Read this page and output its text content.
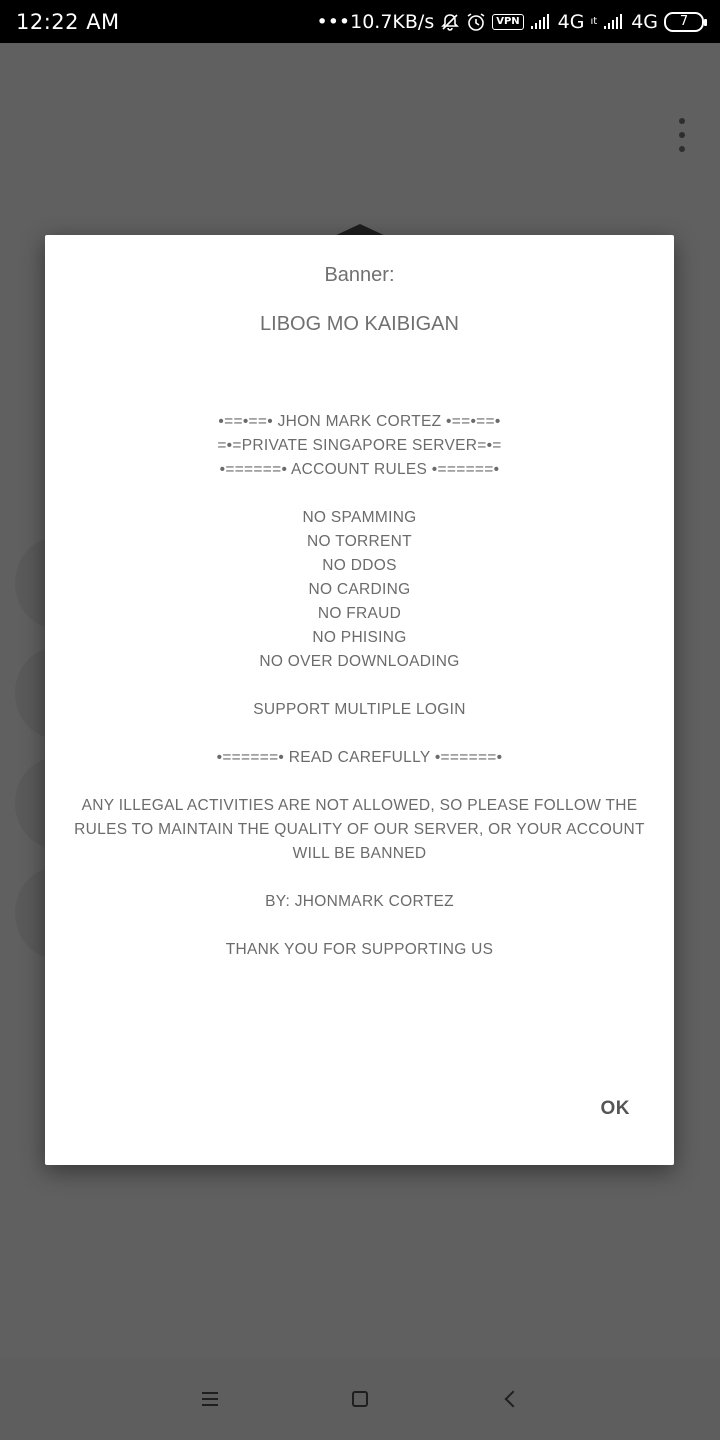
12:22 AM	•••10.7KB/s	VPN 4G ıt 4G 7
Banner:
LIBOG MO KAIBIGAN
•==•==• JHON MARK CORTEZ •==•==•
=•=PRIVATE SINGAPORE SERVER=•=
•======• ACCOUNT RULES •======•
NO SPAMMING
NO TORRENT
NO DDOS
NO CARDING
NO FRAUD
NO PHISING
NO OVER DOWNLOADING
SUPPORT MULTIPLE LOGIN
•======• READ CAREFULLY •======•
ANY ILLEGAL ACTIVITIES ARE NOT ALLOWED, SO PLEASE FOLLOW THE RULES TO MAINTAIN THE QUALITY OF OUR SERVER, OR YOUR ACCOUNT WILL BE BANNED
BY: JHONMARK CORTEZ
THANK YOU FOR SUPPORTING US
OK
